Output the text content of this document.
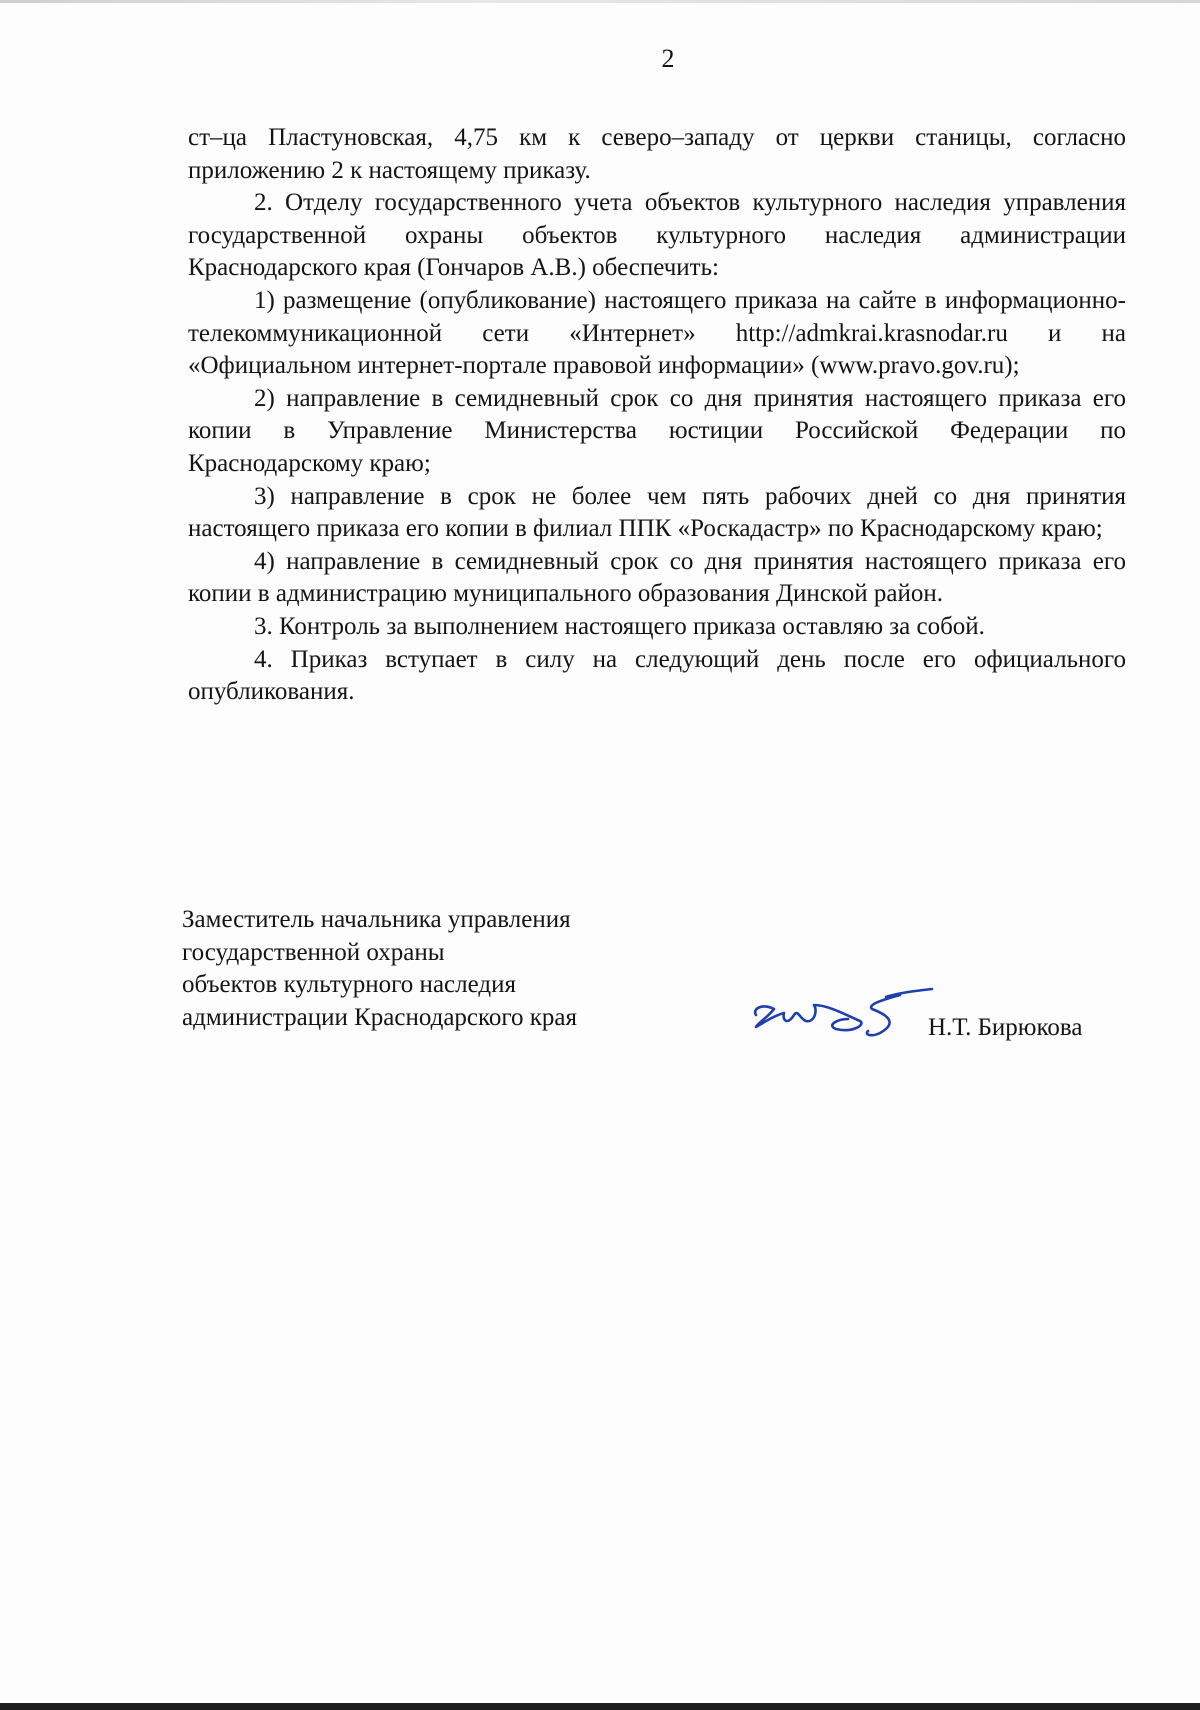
2

ст–ца Пластуновская, 4,75 км к северо–западу от церкви станицы, согласно приложению 2 к настоящему приказу.

2. Отделу государственного учета объектов культурного наследия управления государственной охраны объектов культурного наследия администрации Краснодарского края (Гончаров А.В.) обеспечить:

1) размещение (опубликование) настоящего приказа на сайте в информационно-телекоммуникационной сети «Интернет» http://admkrai.krasnodar.ru и на «Официальном интернет-портале правовой информации» (www.pravo.gov.ru);

2) направление в семидневный срок со дня принятия настоящего приказа его копии в Управление Министерства юстиции Российской Федерации по Краснодарскому краю;

3) направление в срок не более чем пять рабочих дней со дня принятия настоящего приказа его копии в филиал ППК «Роскадастр» по Краснодарскому краю;

4) направление в семидневный срок со дня принятия настоящего приказа его копии в администрацию муниципального образования Динской район.

3. Контроль за выполнением настоящего приказа оставляю за собой.

4. Приказ вступает в силу на следующий день после его официального опубликования.

Заместитель начальника управления
государственной охраны
объектов культурного наследия
администрации Краснодарского края	Н.Т. Бирюкова
